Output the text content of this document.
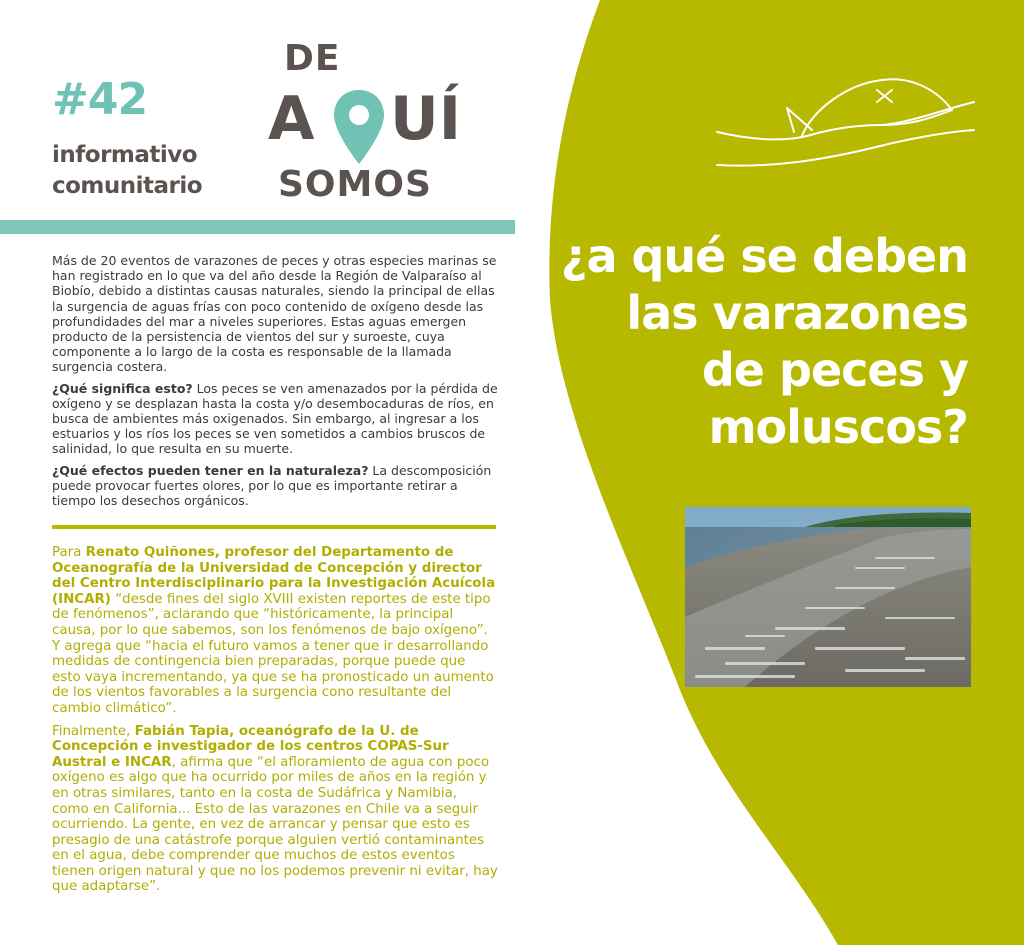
#42
informativo
comunitario
DE
A UÍ
SOMOS

Más de 20 eventos de varazones de peces y otras especies marinas se han registrado en lo que va del año desde la Región de Valparaíso al Biobío, debido a distintas causas naturales, siendo la principal de ellas la surgencia de aguas frías con poco contenido de oxígeno desde las profundidades del mar a niveles superiores. Estas aguas emergen producto de la persistencia de vientos del sur y suroeste, cuya componente a lo largo de la costa es responsable de la llamada surgencia costera.

¿Qué significa esto? Los peces se ven amenazados por la pérdida de oxígeno y se desplazan hasta la costa y/o desembocaduras de ríos, en busca de ambientes más oxigenados. Sin embargo, al ingresar a los estuarios y los ríos los peces se ven sometidos a cambios bruscos de salinidad, lo que resulta en su muerte.

¿Qué efectos pueden tener en la naturaleza? La descomposición puede provocar fuertes olores, por lo que es importante retirar a tiempo los desechos orgánicos.

Para Renato Quiñones, profesor del Departamento de Oceanografía de la Universidad de Concepción y director del Centro Interdisciplinario para la Investigación Acuícola (INCAR) “desde fines del siglo XVIII existen reportes de este tipo de fenómenos”, aclarando que “históricamente, la principal causa, por lo que sabemos, son los fenómenos de bajo oxígeno”. Y agrega que “hacia el futuro vamos a tener que ir desarrollando medidas de contingencia bien preparadas, porque puede que esto vaya incrementando, ya que se ha pronosticado un aumento de los vientos favorables a la surgencia cono resultante del cambio climático”.

Finalmente, Fabián Tapia, oceanógrafo de la U. de Concepción e investigador de los centros COPAS-Sur Austral e INCAR, afirma que “el afloramiento de agua con poco oxígeno es algo que ha ocurrido por miles de años en la región y en otras similares, tanto en la costa de Sudáfrica y Namibia, como en California... Esto de las varazones en Chile va a seguir ocurriendo. La gente, en vez de arrancar y pensar que esto es presagio de una catástrofe porque alguien vertió contaminantes en el agua, debe comprender que muchos de estos eventos tienen origen natural y que no los podemos prevenir ni evitar, hay que adaptarse”.

¿a qué se deben
las varazones
de peces y
moluscos?
